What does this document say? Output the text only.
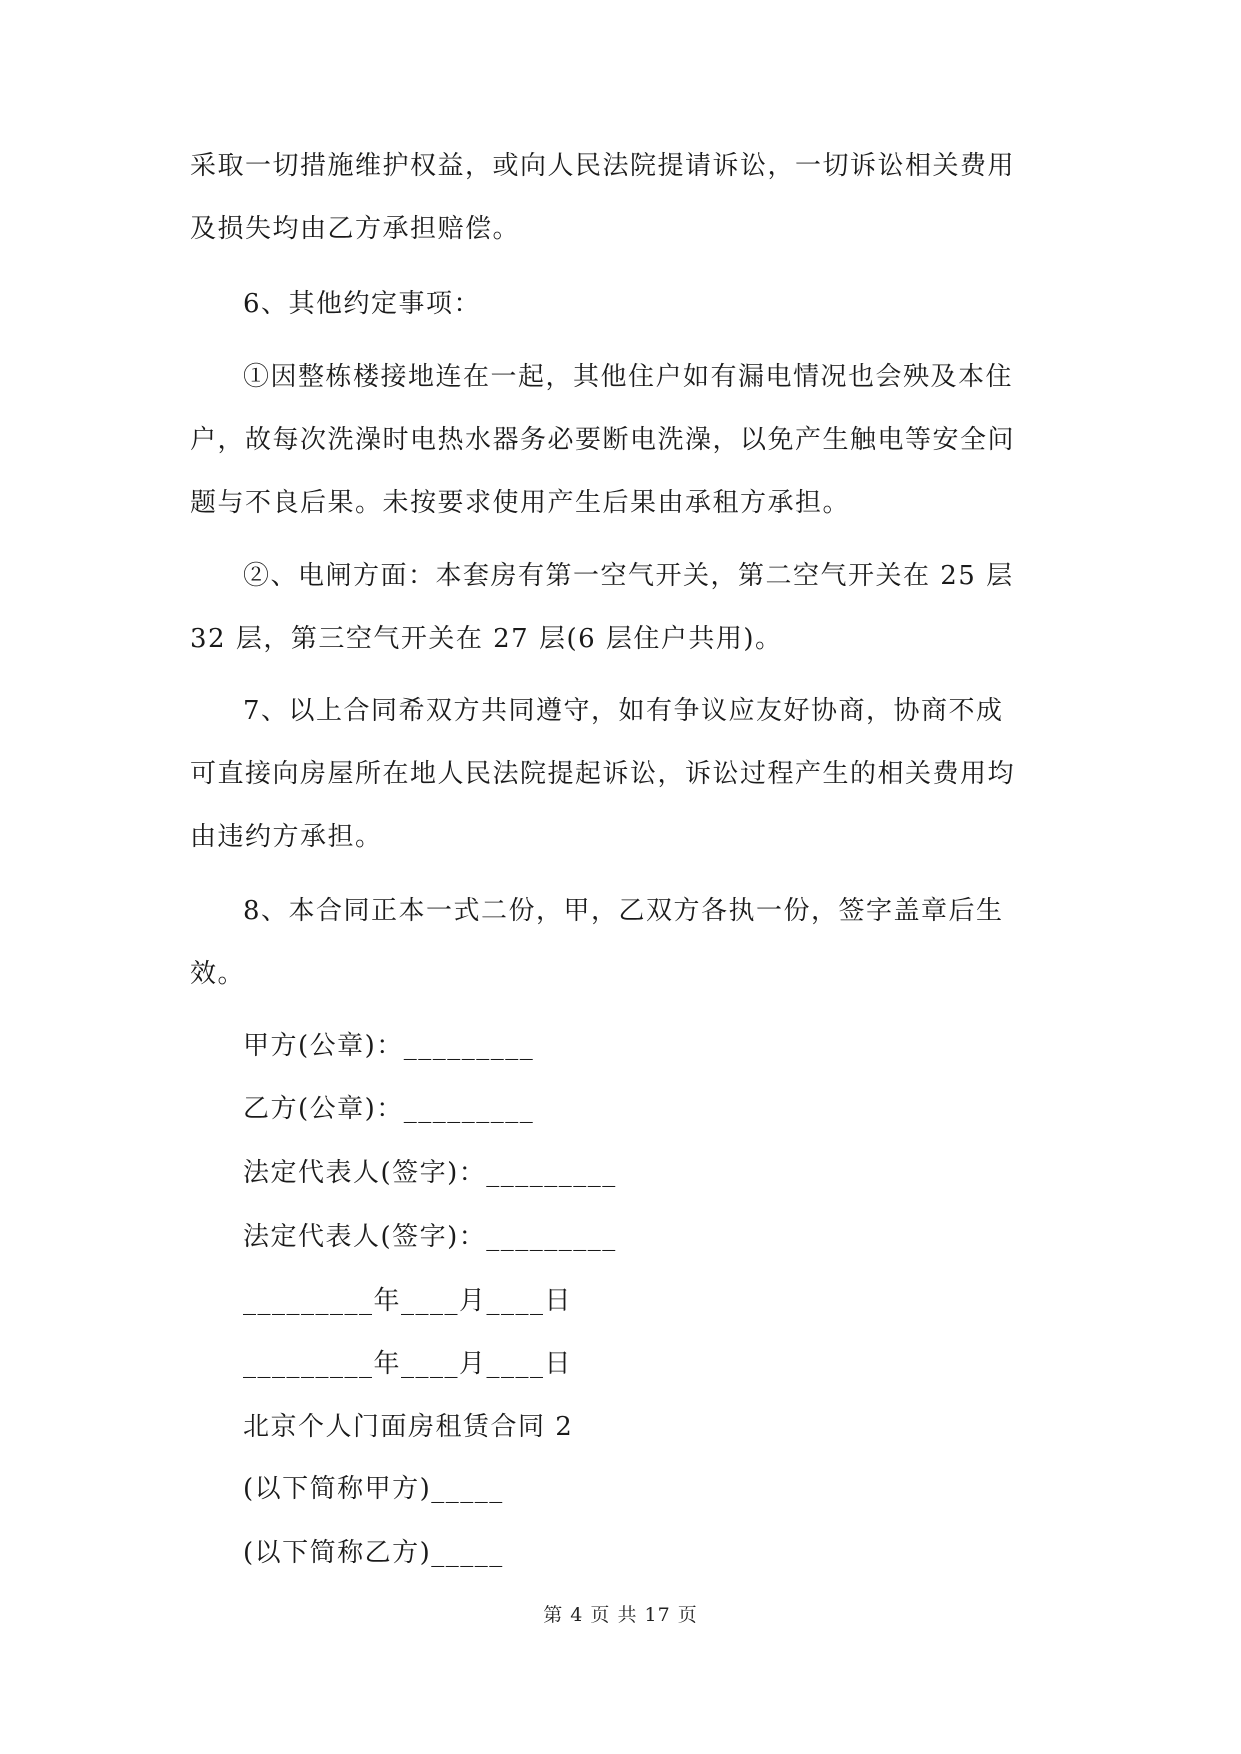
采取一切措施维护权益，或向人民法院提请诉讼，一切诉讼相关费用
及损失均由乙方承担赔偿。
6、其他约定事项：
①因整栋楼接地连在一起，其他住户如有漏电情况也会殃及本住
户，故每次洗澡时电热水器务必要断电洗澡，以免产生触电等安全问
题与不良后果。未按要求使用产生后果由承租方承担。
②、电闸方面：本套房有第一空气开关，第二空气开关在 25 层
32 层，第三空气开关在 27 层(6 层住户共用)。
7、以上合同希双方共同遵守，如有争议应友好协商，协商不成
可直接向房屋所在地人民法院提起诉讼，诉讼过程产生的相关费用均
由违约方承担。
8、本合同正本一式二份，甲，乙双方各执一份，签字盖章后生
效。
甲方(公章)：_________
乙方(公章)：_________
法定代表人(签字)：_________
法定代表人(签字)：_________
_________年____月____日
_________年____月____日
北京个人门面房租赁合同 2
(以下简称甲方)_____
(以下简称乙方)_____
第 4 页 共 17 页
